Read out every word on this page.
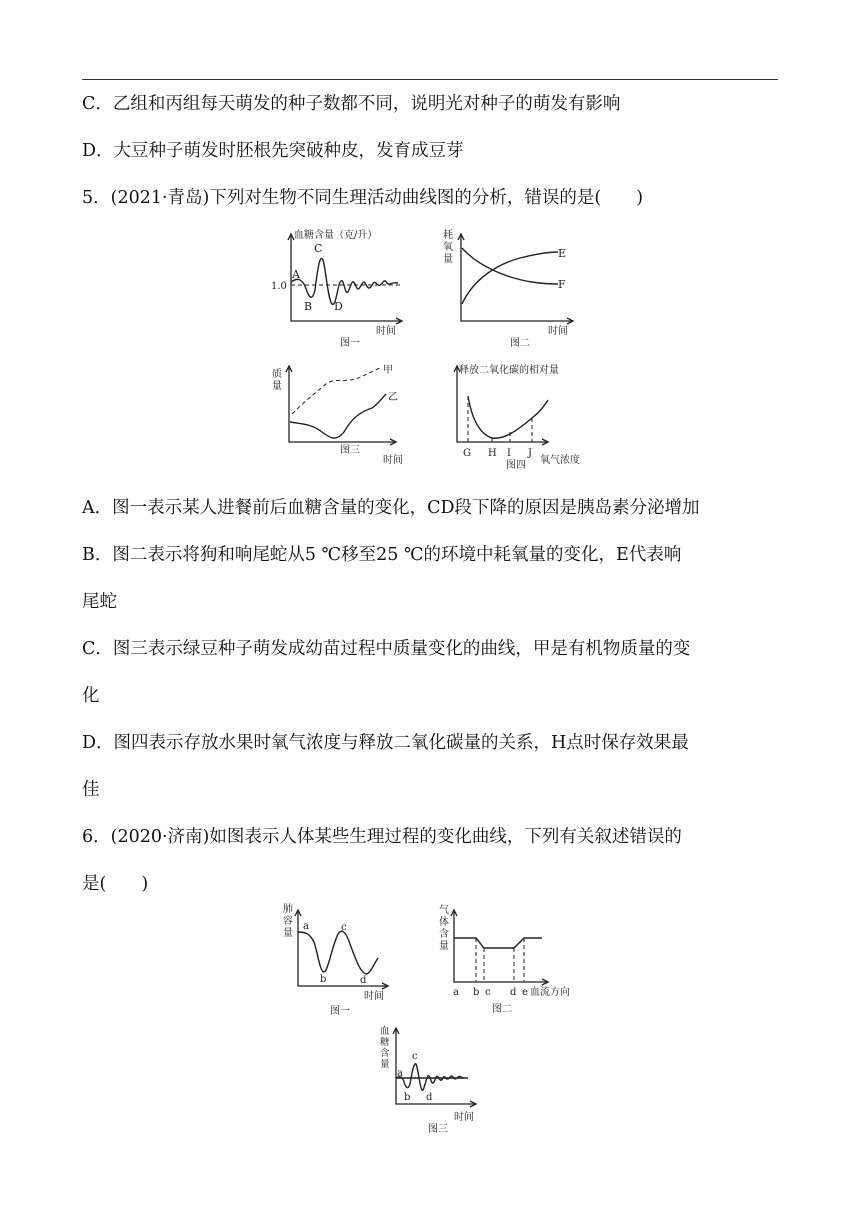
C．乙组和丙组每天萌发的种子数都不同，说明光对种子的萌发有影响
D．大豆种子萌发时胚根先突破种皮，发育成豆芽
5．(2021·青岛)下列对生物不同生理活动曲线图的分析，错误的是(　　)
血糖含量（克/升）
1.0
A
B
C
D
时间
图一
耗
氧
量	E
F
时间
图二
质
量
甲
乙
时间
图三
释放二氧化碳的相对量
G H I J
氧气浓度
图四
A．图一表示某人进餐前后血糖含量的变化，CD段下降的原因是胰岛素分泌增加
B．图二表示将狗和响尾蛇从5 ℃移至25 ℃的环境中耗氧量的变化，E代表响
尾蛇
C．图三表示绿豆种子萌发成幼苗过程中质量变化的曲线，甲是有机物质量的变
化
D．图四表示存放水果时氧气浓度与释放二氧化碳量的关系，H点时保存效果最
佳
6．(2020·济南)如图表示人体某些生理过程的变化曲线，下列有关叙述错误的
是(　　)
肺
容
量
a
b
c
d
时间
图一
气
体
含
量
a b c d e 血流方向
图二
血
糖
含
量
a
b
c
d
时间
图三
